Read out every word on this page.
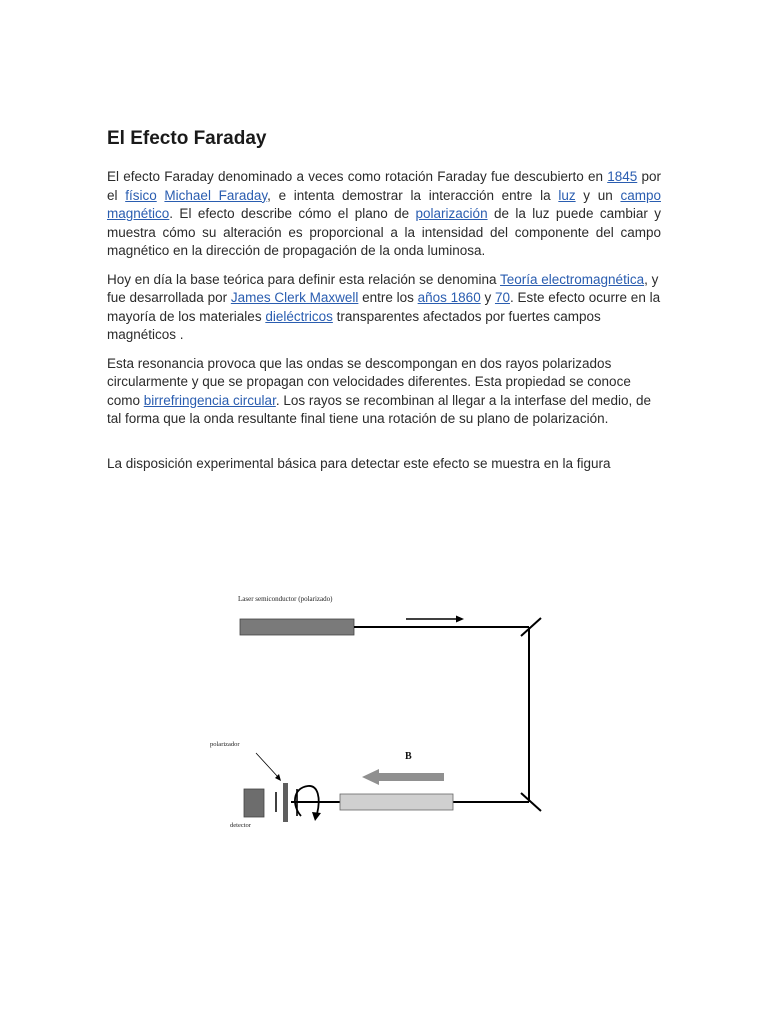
El Efecto Faraday

El efecto Faraday denominado a veces como rotación Faraday fue descubierto en 1845 por el físico Michael Faraday, e intenta demostrar la interacción entre la luz y un campo magnético. El efecto describe cómo el plano de polarización de la luz puede cambiar y muestra cómo su alteración es proporcional a la intensidad del componente del campo magnético en la dirección de propagación de la onda luminosa.

Hoy en día la base teórica para definir esta relación se denomina Teoría electromagnética, y fue desarrollada por James Clerk Maxwell entre los años 1860 y 70. Este efecto ocurre en la mayoría de los materiales dieléctricos transparentes afectados por fuertes campos magnéticos .

Esta resonancia provoca que las ondas se descompongan en dos rayos polarizados circularmente y que se propagan con velocidades diferentes. Esta propiedad se conoce como birrefringencia circular. Los rayos se recombinan al llegar a la interfase del medio, de tal forma que la onda resultante final tiene una rotación de su plano de polarización.

La disposición experimental básica para detectar este efecto se muestra en la figura

Laser semiconductor (polarizado)
B
polarizador
detector
